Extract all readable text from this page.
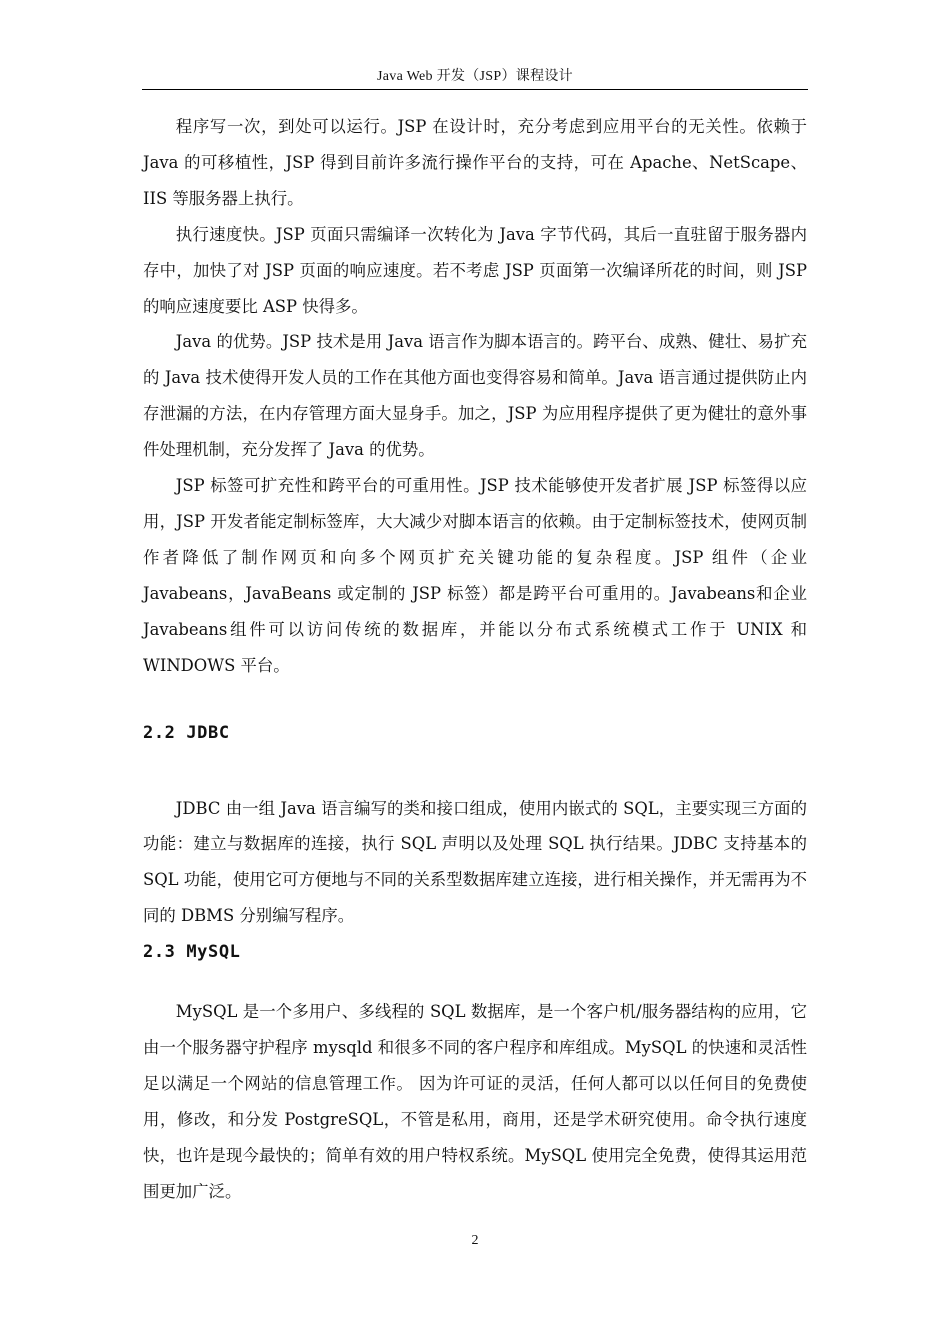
Java Web 开发（JSP）课程设计

程序写一次，到处可以运行。JSP 在设计时，充分考虑到应用平台的无关性。依赖于 Java 的可移植性，JSP 得到目前许多流行操作平台的支持，可在 Apache、NetScape、IIS 等服务器上执行。

执行速度快。JSP 页面只需编译一次转化为 Java 字节代码，其后一直驻留于服务器内存中，加快了对 JSP 页面的响应速度。若不考虑 JSP 页面第一次编译所花的时间，则 JSP 的响应速度要比 ASP 快得多。

Java 的优势。JSP 技术是用 Java 语言作为脚本语言的。跨平台、成熟、健壮、易扩充的 Java 技术使得开发人员的工作在其他方面也变得容易和简单。Java 语言通过提供防止内存泄漏的方法，在内存管理方面大显身手。加之，JSP 为应用程序提供了更为健壮的意外事件处理机制，充分发挥了 Java 的优势。

JSP 标签可扩充性和跨平台的可重用性。JSP 技术能够使开发者扩展 JSP 标签得以应用，JSP 开发者能定制标签库，大大减少对脚本语言的依赖。由于定制标签技术，使网页制作者降低了制作网页和向多个网页扩充关键功能的复杂程度。JSP 组件（企业 Javabeans，JavaBeans 或定制的 JSP 标签）都是跨平台可重用的。Javabeans和企业 Javabeans组件可以访问传统的数据库，并能以分布式系统模式工作于 UNIX 和 WINDOWS 平台。

2.2 JDBC

JDBC 由一组 Java 语言编写的类和接口组成，使用内嵌式的 SQL，主要实现三方面的功能：建立与数据库的连接，执行 SQL 声明以及处理 SQL 执行结果。JDBC 支持基本的 SQL 功能，使用它可方便地与不同的关系型数据库建立连接，进行相关操作，并无需再为不同的 DBMS 分别编写程序。

2.3 MySQL

MySQL 是一个多用户、多线程的 SQL 数据库，是一个客户机/服务器结构的应用，它由一个服务器守护程序 mysqld 和很多不同的客户程序和库组成。MySQL 的快速和灵活性足以满足一个网站的信息管理工作。 因为许可证的灵活，任何人都可以以任何目的免费使用，修改，和分发 PostgreSQL，不管是私用，商用，还是学术研究使用。命令执行速度快，也许是现今最快的；简单有效的用户特权系统。MySQL 使用完全免费，使得其运用范围更加广泛。

2
